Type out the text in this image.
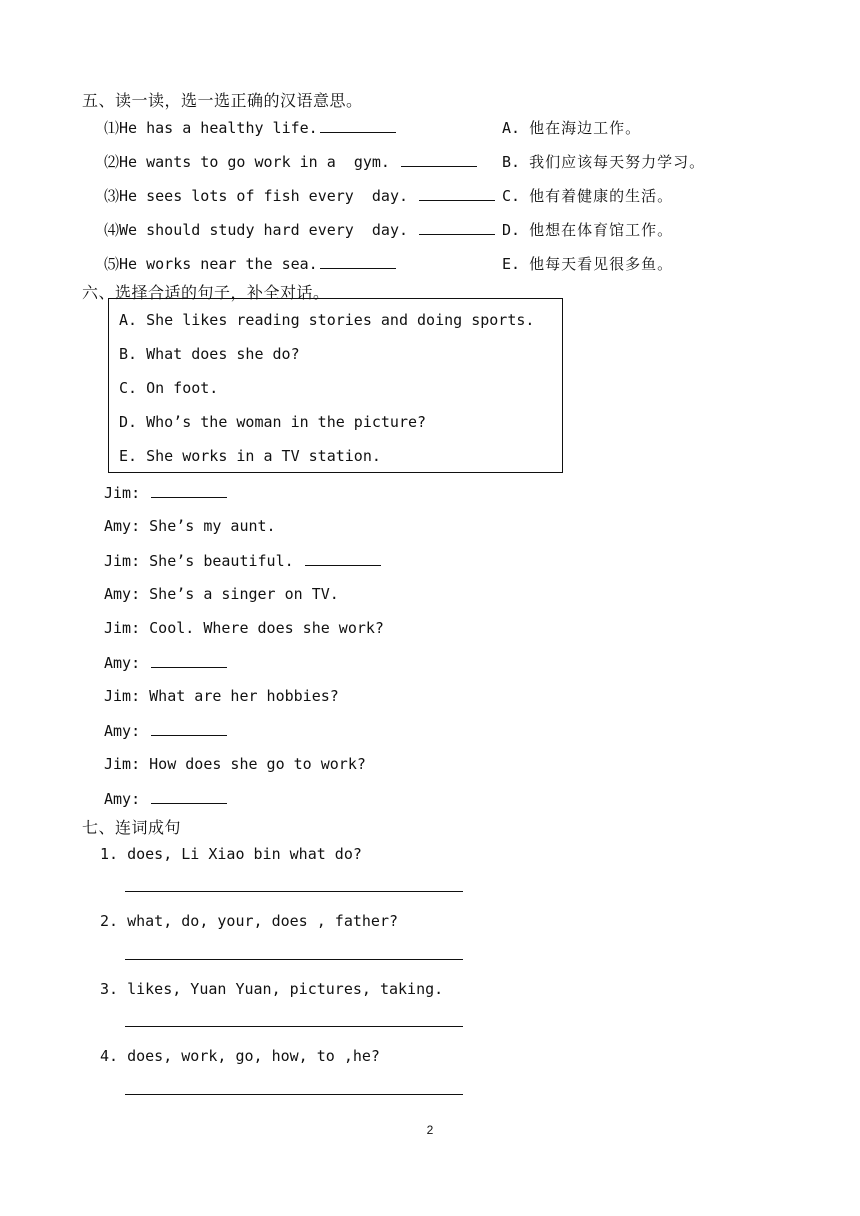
五、读一读，选一选正确的汉语意思。
⑴He has a healthy life.
⑵He wants to go work in a  gym.
⑶He sees lots of fish every  day.
⑷We should study hard every  day.
⑸He works near the sea.
A. 他在海边工作。
B. 我们应该每天努力学习。
C. 他有着健康的生活。
D. 他想在体育馆工作。
E. 他每天看见很多鱼。
六、选择合适的句子，补全对话。
A. She likes reading stories and doing sports.
B. What does she do?
C. On foot.
D. Who’s the woman in the picture?
E. She works in a TV station.
Jim:
Amy: She’s my aunt.
Jim: She’s beautiful.
Amy: She’s a singer on TV.
Jim: Cool. Where does she work?
Amy:
Jim: What are her hobbies?
Amy:
Jim: How does she go to work?
Amy:
七、连词成句
1. does, Li Xiao bin what do?
2. what, do, your, does , father?
3. likes, Yuan Yuan, pictures, taking.
4. does, work, go, how, to ,he?
2
